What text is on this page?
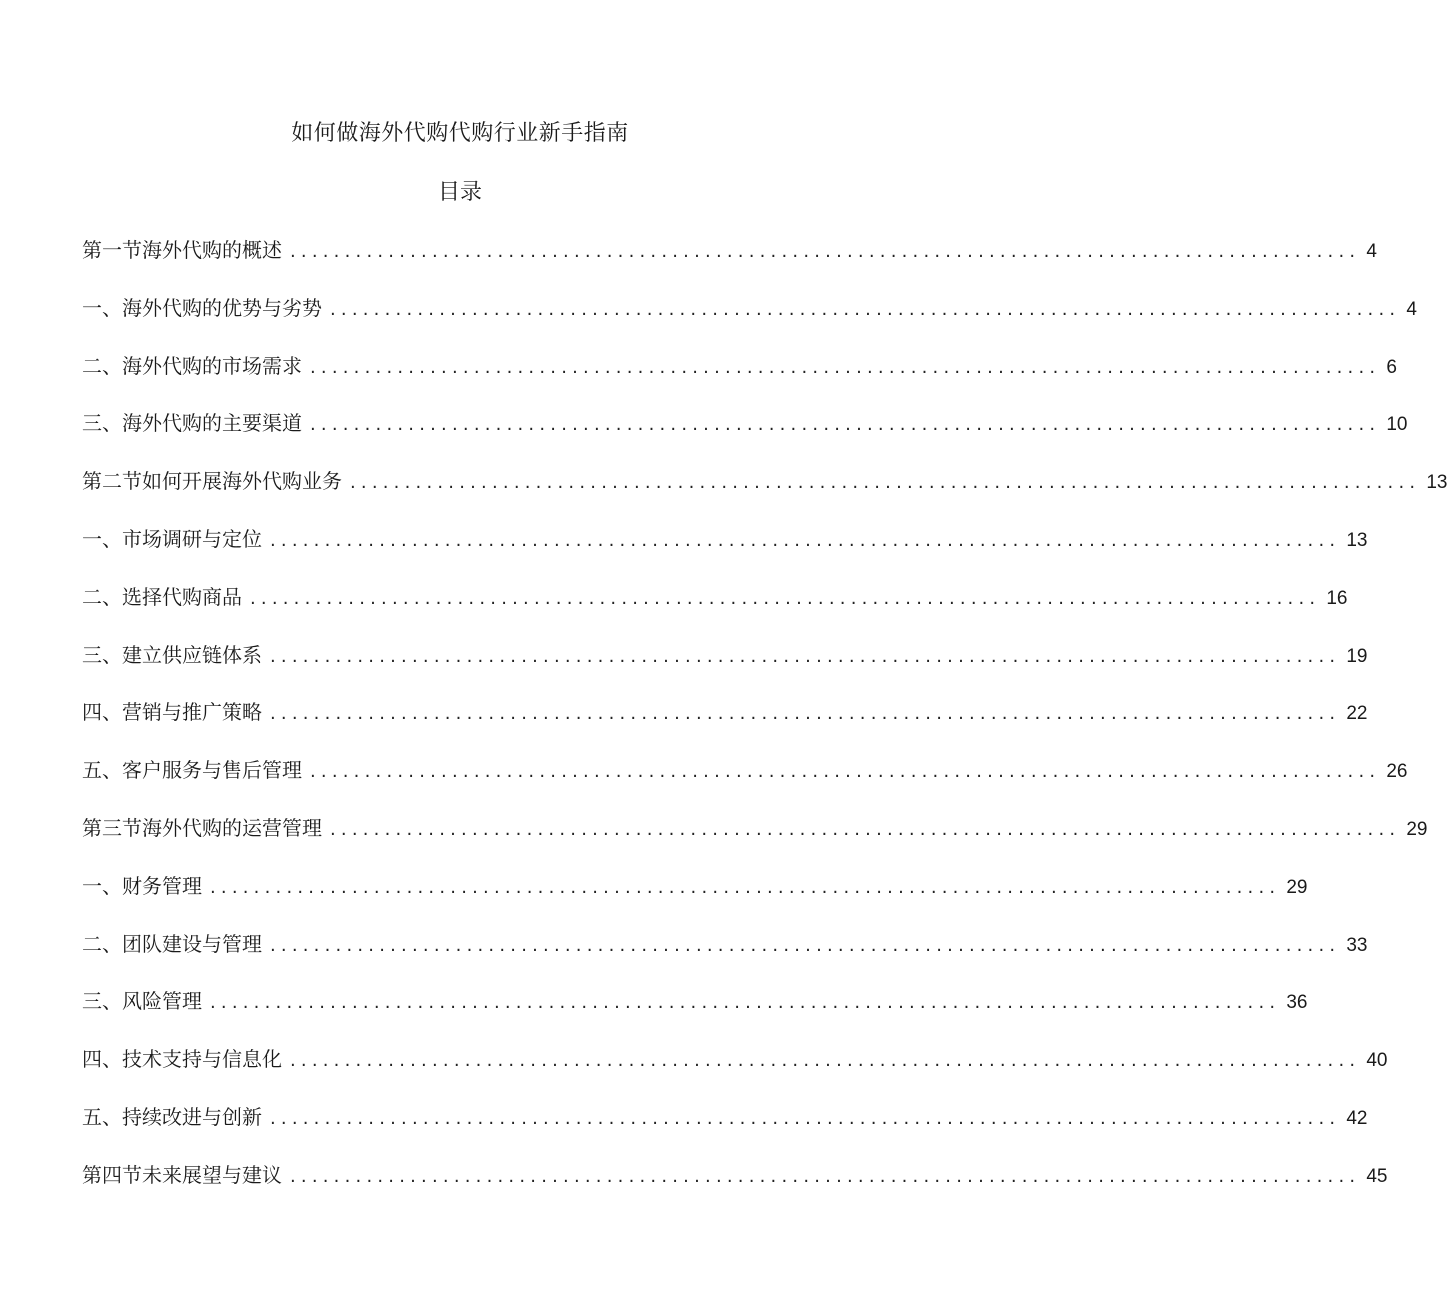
如何做海外代购代购行业新手指南
目录
第一节海外代购的概述 .................................................................................................. 4
一、海外代购的优势与劣势 .................................................................................................. 4
二、海外代购的市场需求 .................................................................................................. 6
三、海外代购的主要渠道 .................................................................................................. 10
第二节如何开展海外代购业务 .................................................................................................. 13
一、市场调研与定位 .................................................................................................. 13
二、选择代购商品 .................................................................................................. 16
三、建立供应链体系 .................................................................................................. 19
四、营销与推广策略 .................................................................................................. 22
五、客户服务与售后管理 .................................................................................................. 26
第三节海外代购的运营管理 .................................................................................................. 29
一、财务管理 .................................................................................................. 29
二、团队建设与管理 .................................................................................................. 33
三、风险管理 .................................................................................................. 36
四、技术支持与信息化 .................................................................................................. 40
五、持续改进与创新 .................................................................................................. 42
第四节未来展望与建议 .................................................................................................. 45
